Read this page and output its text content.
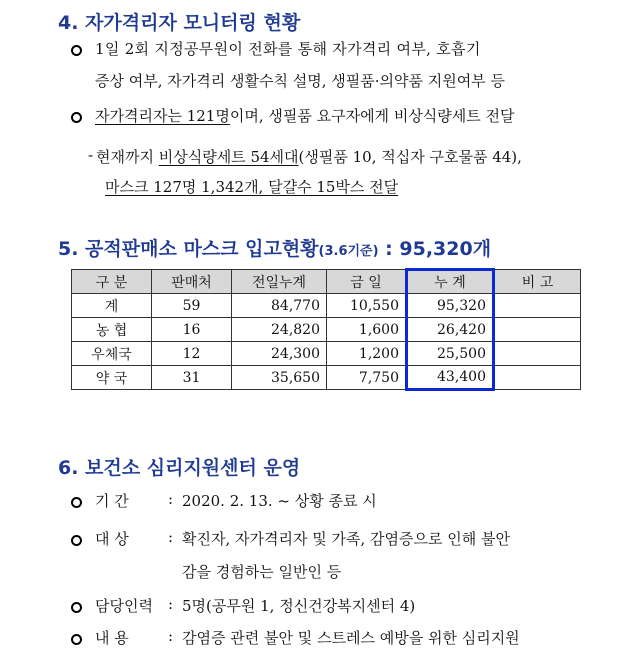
4. 자가격리자 모니터링 현황
1일 2회 지정공무원이 전화를 통해 자가격리 여부, 호흡기
증상 여부, 자가격리 생활수칙 설명, 생필품·의약품 지원여부 등
자가격리자는 121명이며, 생필품 요구자에게 비상식량세트 전달
- 현재까지 비상식량세트 54세대(생필품 10, 적십자 구호물품 44),
마스크 127명 1,342개, 달걀수 15박스 전달
5. 공적판매소 마스크 입고현황(3.6기준) : 95,320개
구 분	판매처	전일누계	금 일	누 계	비 고
계	59	84,770	10,550	95,320	
농 협	16	24,820	1,600	26,420	
우체국	12	24,300	1,200	25,500	
약 국	31	35,650	7,750	43,400	
6. 보건소 심리지원센터 운영
기 간	: 2020. 2. 13. ~ 상황 종료 시
대 상	: 확진자, 자가격리자 및 가족, 감염증으로 인해 불안
감을 경험하는 일반인 등
담당인력 : 5명(공무원 1, 정신건강복지센터 4)
내 용	: 감염증 관련 불안 및 스트레스 예방을 위한 심리지원
